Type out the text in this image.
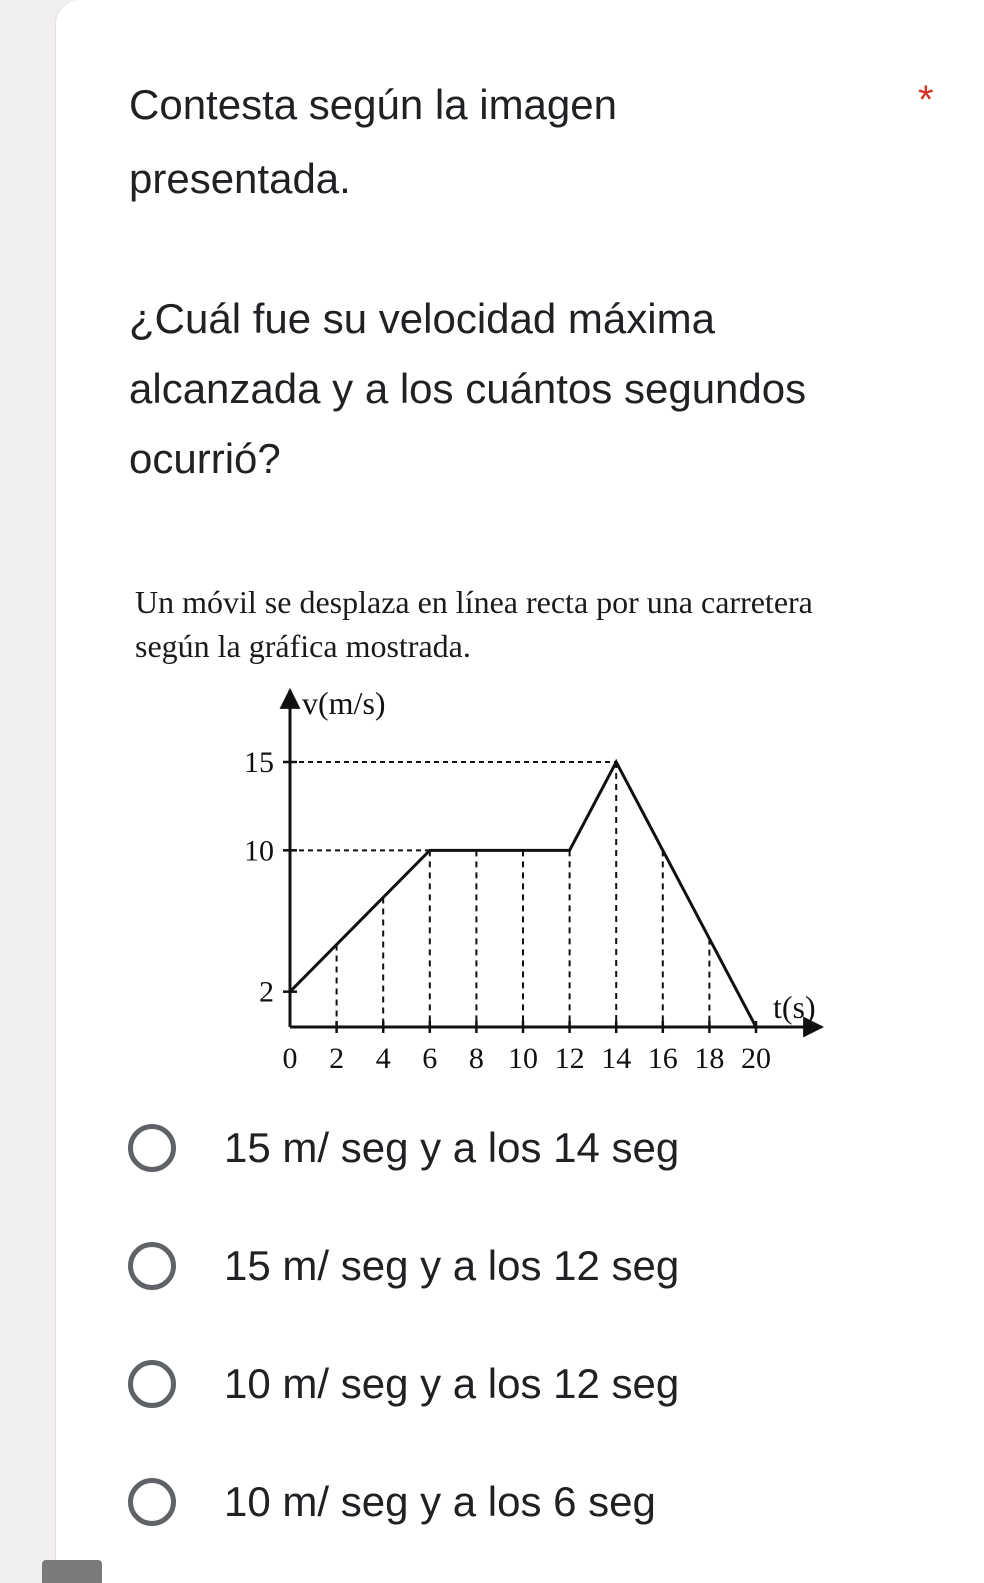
Contesta según la imagen
presentada.
*
¿Cuál fue su velocidad máxima
alcanzada y a los cuántos segundos
ocurrió?
Un móvil se desplaza en línea recta por una carretera
según la gráfica mostrada.
v(m/s)
t(s)
0 2 4 6 8 10 12 14 16 18 20
2
10
15
15 m/ seg y a los 14 seg
15 m/ seg y a los 12 seg
10 m/ seg y a los 12 seg
10 m/ seg y a los 6 seg
